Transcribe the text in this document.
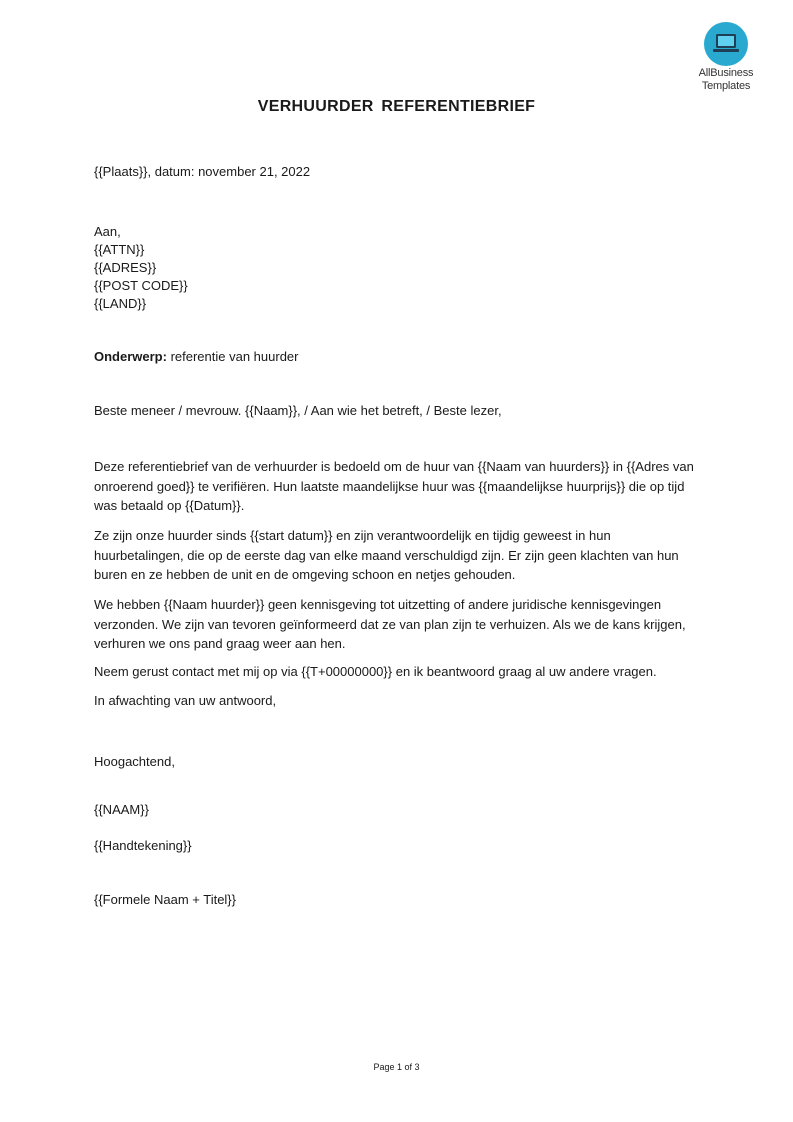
AllBusiness
Templates
VERHUURDER REFERENTIEBRIEF
{{Plaats}}, datum: november 21, 2022
Aan,
{{ATTN}}
{{ADRES}}
{{POST CODE}}
{{LAND}}
Onderwerp: referentie van huurder
Beste meneer / mevrouw. {{Naam}}, / Aan wie het betreft, / Beste lezer,

Deze referentiebrief van de verhuurder is bedoeld om de huur van {{Naam van huurders}} in {{Adres van onroerend goed}} te verifiëren. Hun laatste maandelijkse huur was {{maandelijkse huurprijs}} die op tijd was betaald op {{Datum}}.

Ze zijn onze huurder sinds {{start datum}} en zijn verantwoordelijk en tijdig geweest in hun huurbetalingen, die op de eerste dag van elke maand verschuldigd zijn. Er zijn geen klachten van hun buren en ze hebben de unit en de omgeving schoon en netjes gehouden.

We hebben {{Naam huurder}} geen kennisgeving tot uitzetting of andere juridische kennisgevingen verzonden. We zijn van tevoren geïnformeerd dat ze van plan zijn te verhuizen. Als we de kans krijgen, verhuren we ons pand graag weer aan hen.

Neem gerust contact met mij op via {{T+00000000}} en ik beantwoord graag al uw andere vragen.

In afwachting van uw antwoord,
Hoogachtend,
{{NAAM}}
{{Handtekening}}
{{Formele Naam + Titel}}
Page 1 of 3
